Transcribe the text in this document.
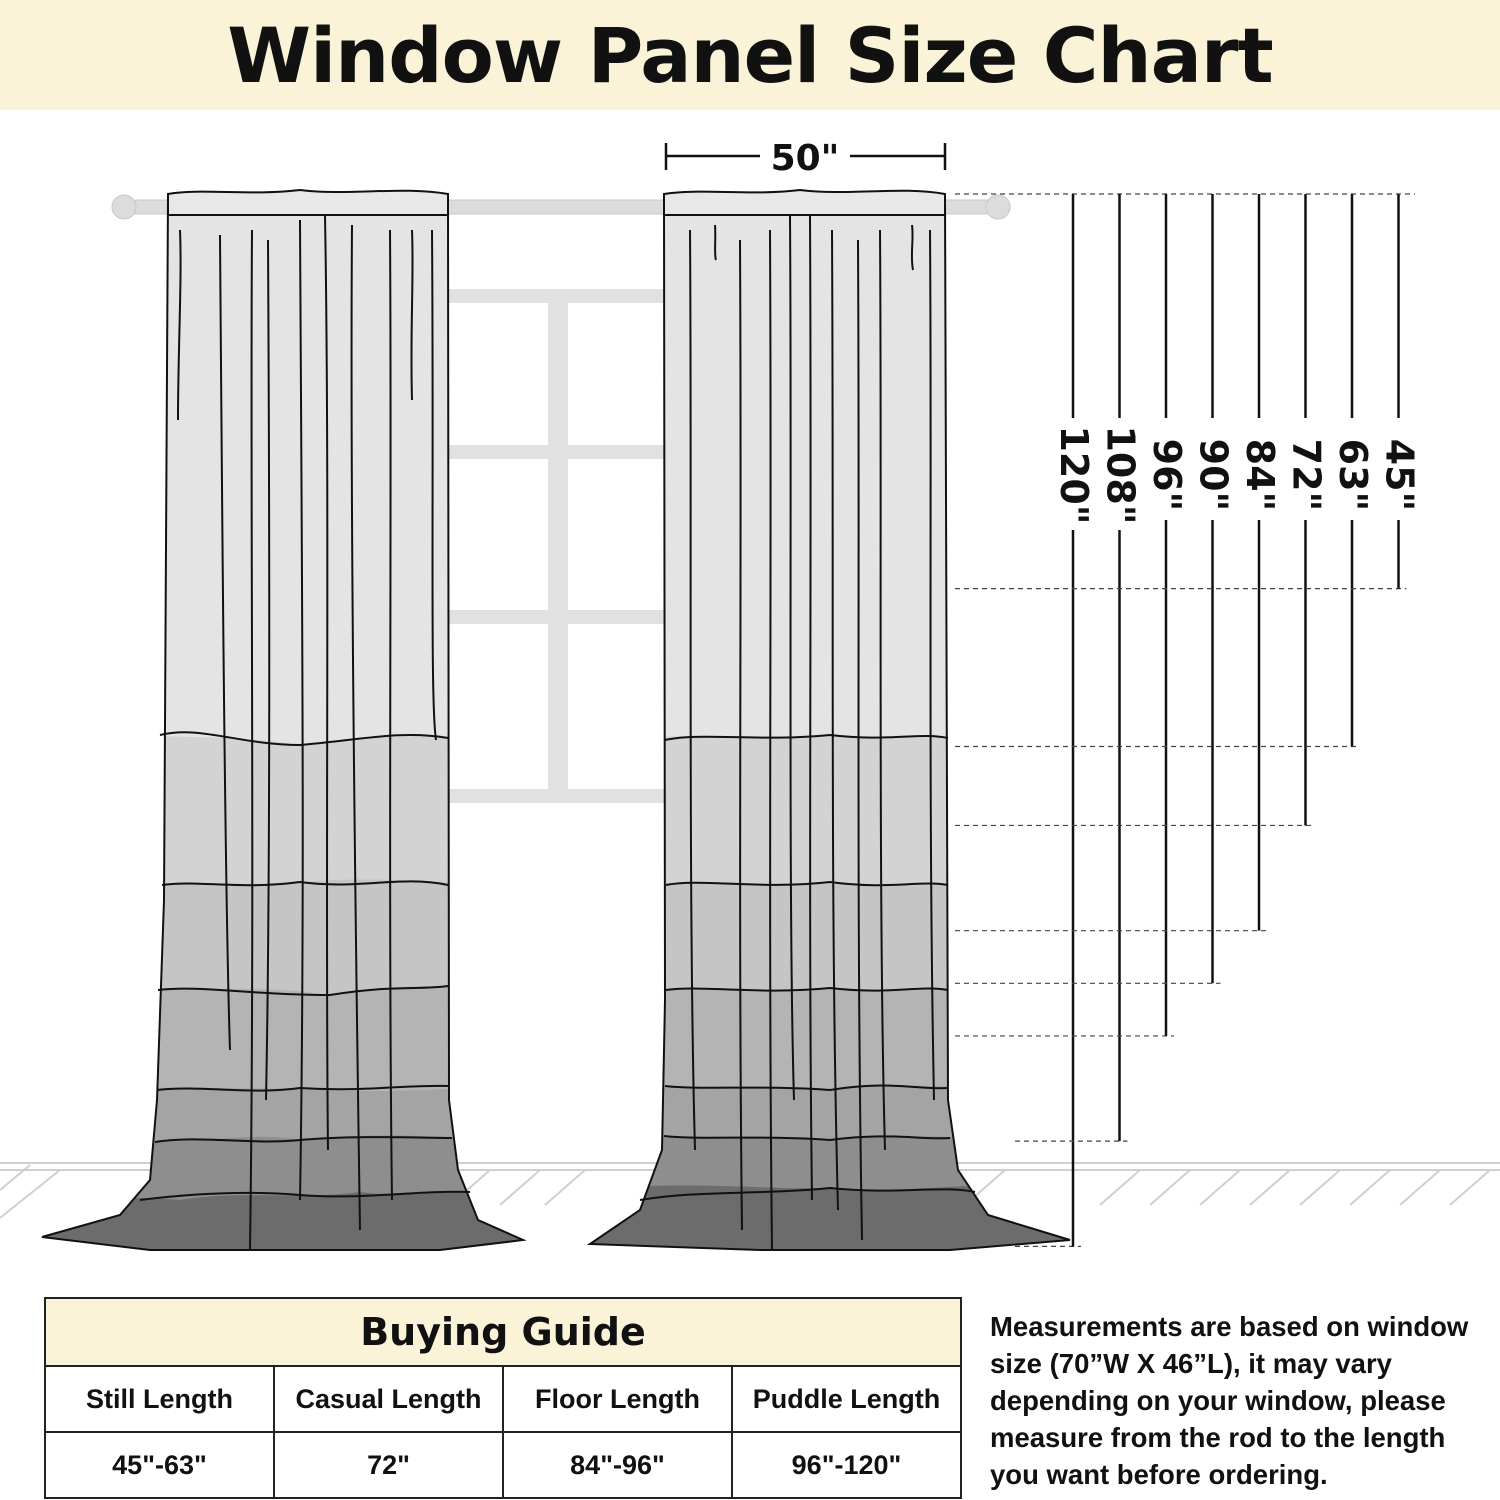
Window Panel Size Chart
50"
120" 108" 96" 90" 84" 72" 63" 45"
Buying Guide			
Still Length	Casual Length	Floor Length	Puddle Length
45"-63"	72"	84"-96"	96"-120"
Measurements are based on window size (70”W X 46”L), it may vary depending on your window, please measure from the rod to the length you want before ordering.
